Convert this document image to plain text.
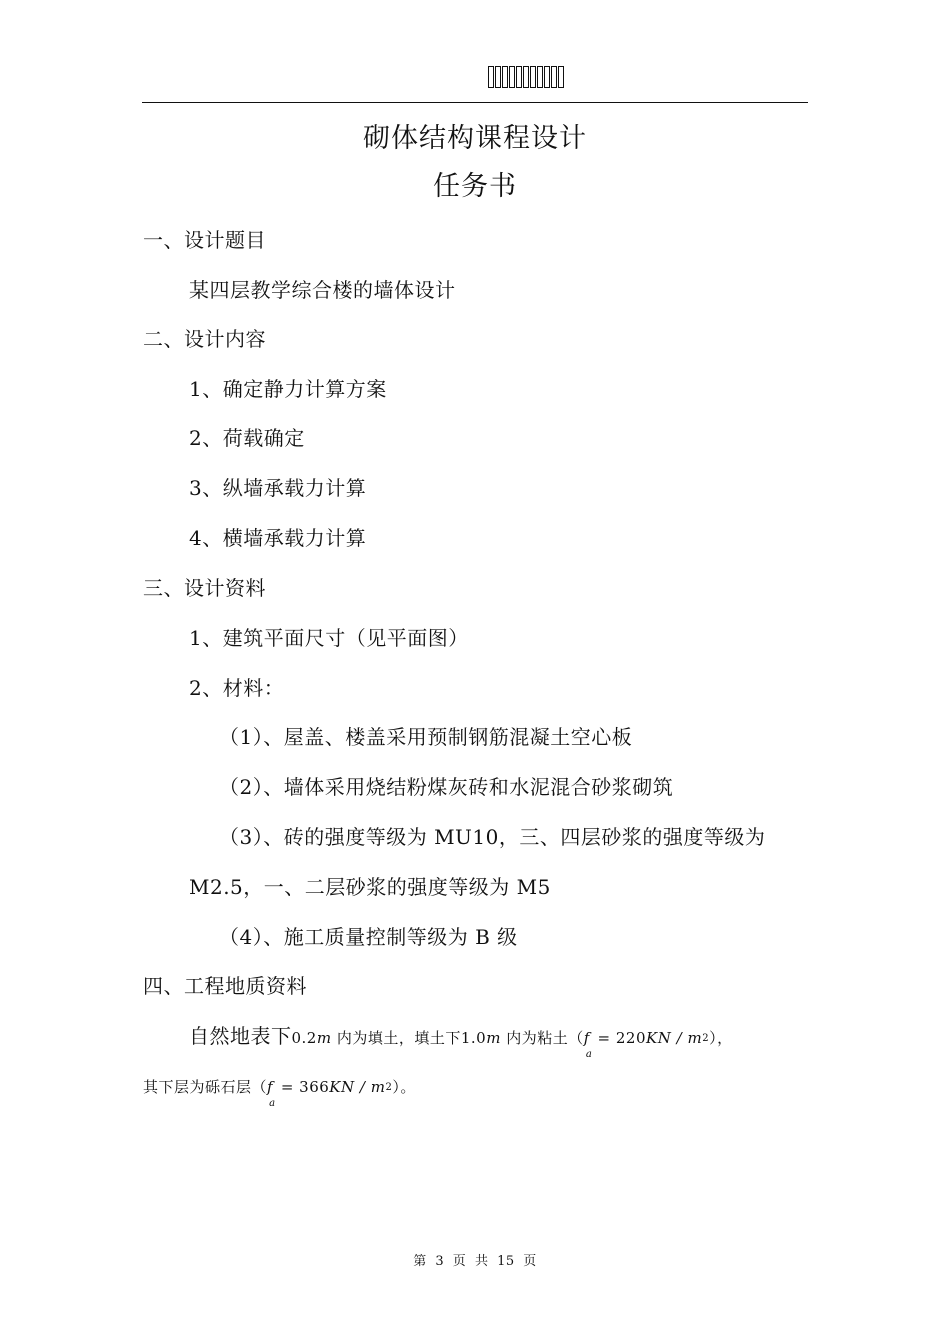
砌体结构课程设计
任务书
一、设计题目
某四层教学综合楼的墙体设计
二、设计内容
1、确定静力计算方案
2、荷载确定
3、纵墙承载力计算
4、横墙承载力计算
三、设计资料
1、建筑平面尺寸（见平面图）
2、材料：
（1）、屋盖、楼盖采用预制钢筋混凝土空心板
（2）、墙体采用烧结粉煤灰砖和水泥混合砂浆砌筑
（3）、砖的强度等级为 MU10，三、四层砂浆的强度等级为
M2.5，一、二层砂浆的强度等级为 M5
（4）、施工质量控制等级为 B 级
四、工程地质资料
自然地表下0.2m 内为填土，填土下1.0m 内为粘土$(f_a = 220KN / m2)$，
其下层为砾石层$(f_a = 366KN / m2)$。
第 3 页 共 15 页
